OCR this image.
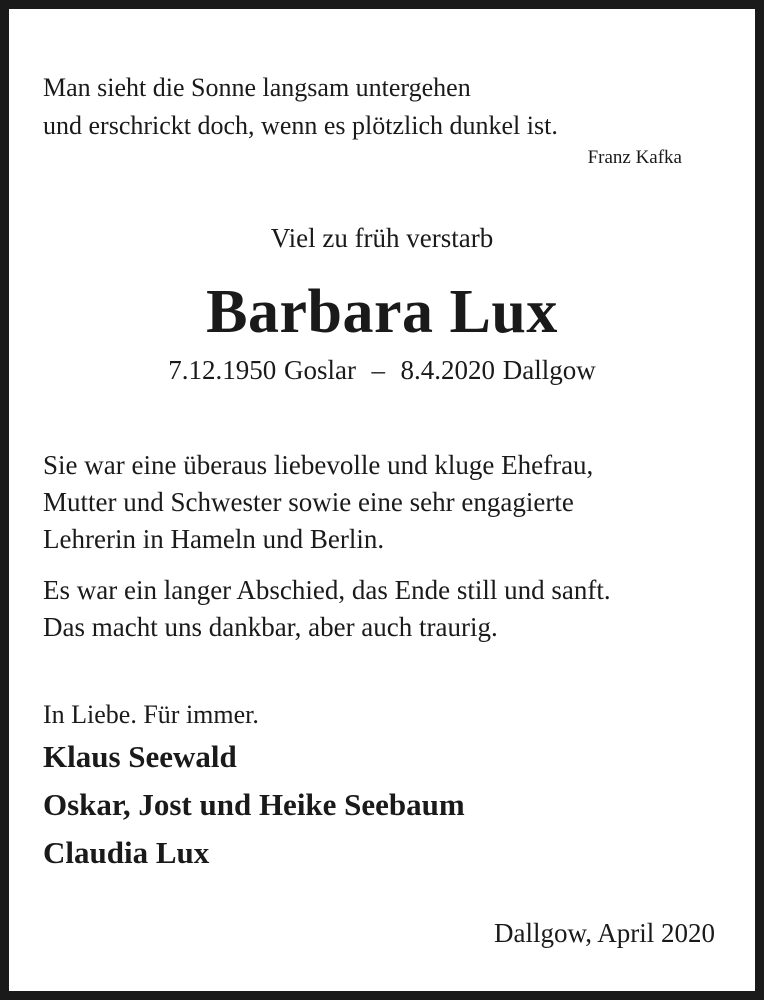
Man sieht die Sonne langsam untergehen

und erschrickt doch, wenn es plötzlich dunkel ist.

Franz Kafka

Viel zu früh verstarb

Barbara Lux

7.12.1950 Goslar  –  8.4.2020 Dallgow

Sie war eine überaus liebevolle und kluge Ehefrau,

Mutter und Schwester sowie eine sehr engagierte

Lehrerin in Hameln und Berlin.

Es war ein langer Abschied, das Ende still und sanft.

Das macht uns dankbar, aber auch traurig.

In Liebe. Für immer.

Klaus Seewald

Oskar, Jost und Heike Seebaum

Claudia Lux

Dallgow, April 2020
